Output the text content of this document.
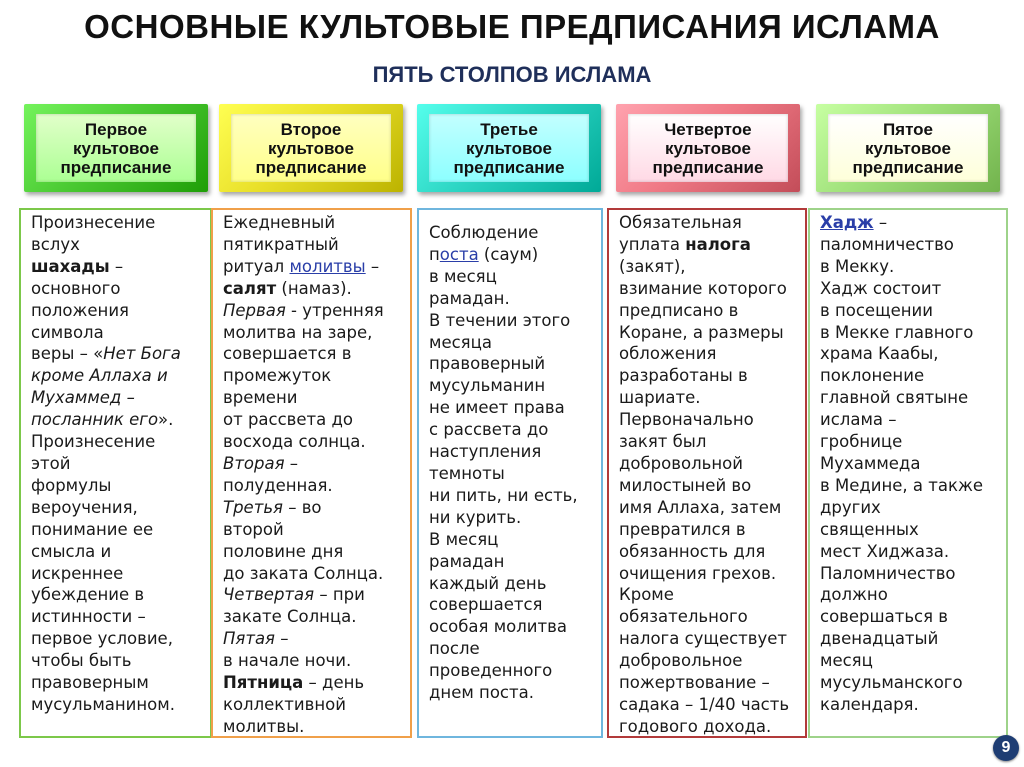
ОСНОВНЫЕ КУЛЬТОВЫЕ ПРЕДПИСАНИЯ ИСЛАМА
ПЯТЬ СТОЛПОВ ИСЛАМА
Первое
культовое
предписание
Второе
культовое
предписание
Третье
культовое
предписание
Четвертое
культовое
предписание
Пятое
культовое
предписание
Произнесение
вслух
шахады –
основного
положения
символа
веры – «Нет Бога
кроме Аллаха и
Мухаммед –
посланник его».
Произнесение
этой
формулы
вероучения,
понимание ее
смысла и
искреннее
убеждение в
истинности –
первое условие,
чтобы быть
правоверным
мусульманином.
Ежедневный
пятикратный
ритуал молитвы –
салят (намаз).
Первая - утренняя
молитва на заре,
совершается в
промежуток
времени
от рассвета до
восхода солнца.
Вторая –
полуденная.
Третья – во
второй
половине дня
до заката Солнца.
Четвертая – при
закате Солнца.
Пятая –
в начале ночи.
Пятница – день
коллективной
молитвы.
Соблюдение
поста (саум)
в месяц
рамадан.
В течении этого
месяца
правоверный
мусульманин
не имеет права
с рассвета до
наступления
темноты
ни пить, ни есть,
ни курить.
В месяц
рамадан
каждый день
совершается
особая молитва
после
проведенного
днем поста.
Обязательная
уплата налога
(закят),
взимание которого
предписано в
Коране, а размеры
обложения
разработаны в
шариате.
Первоначально
закят был
добровольной
милостыней во
имя Аллаха, затем
превратился в
обязанность для
очищения грехов.
Кроме
обязательного
налога существует
добровольное
пожертвование –
садака – 1/40 часть
годового дохода.
Хадж –
паломничество
в Мекку.
Хадж состоит
в посещении
в Мекке главного
храма Каабы,
поклонение
главной святыне
ислама –
гробнице
Мухаммеда
в Медине, а также
других
священных
мест Хиджаза.
Паломничество
должно
совершаться в
двенадцатый
месяц
мусульманского
календаря.
9
